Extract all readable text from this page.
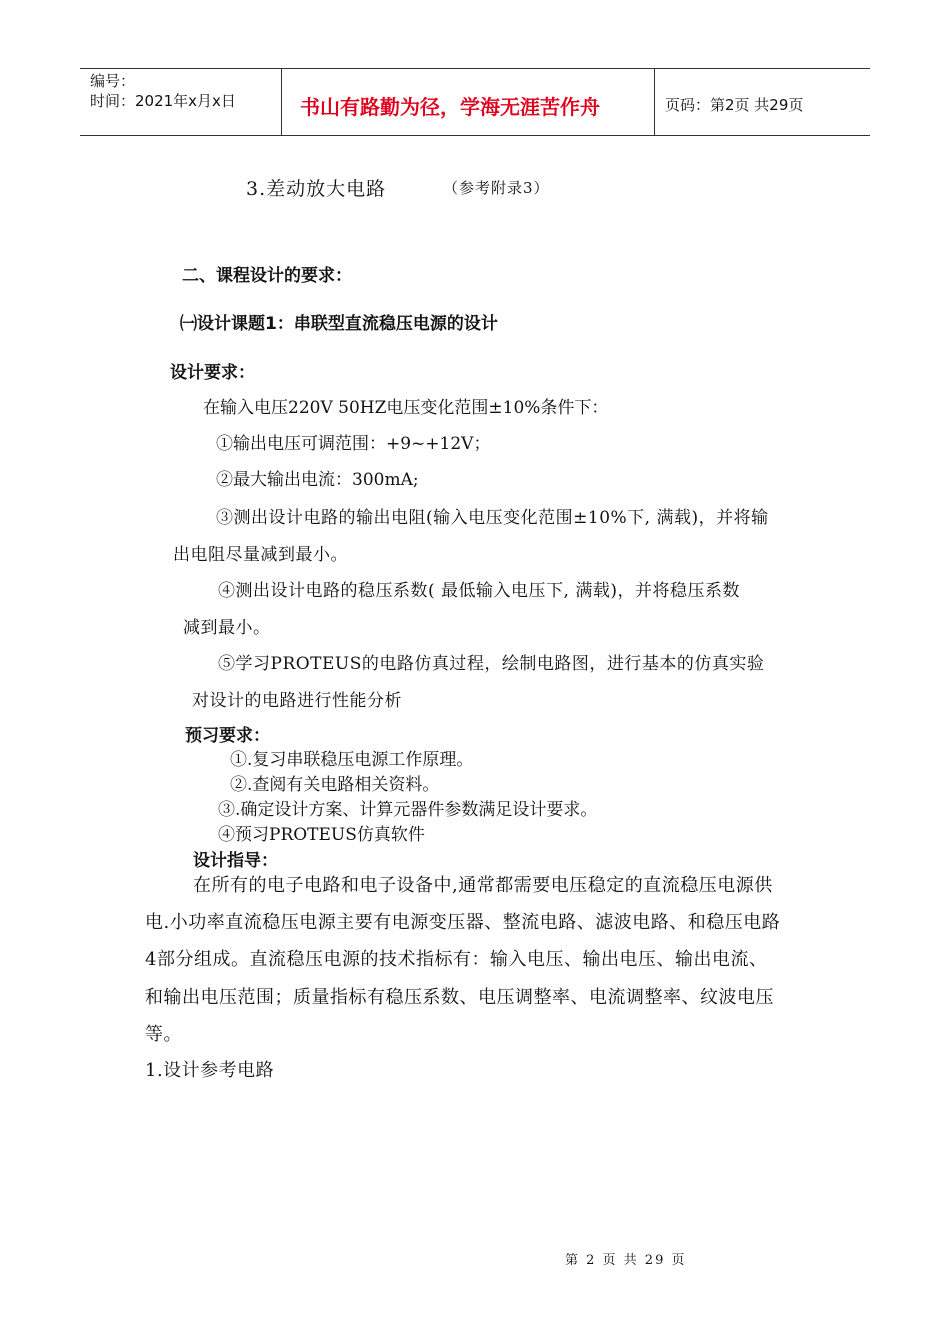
编号：
时间：2021年x月x日	书山有路勤为径，学海无涯苦作舟	页码：第2页 共29页
3.差动放大电路	（参考附录3）
二、课程设计的要求：
㈠设计课题1：串联型直流稳压电源的设计
设计要求：
在输入电压220V 50HZ电压变化范围±10%条件下：
①输出电压可调范围：+9~+12V；
②最大输出电流：300mA;
③测出设计电路的输出电阻(输入电压变化范围±10%下, 满载)，并将输
出电阻尽量减到最小。
④测出设计电路的稳压系数( 最低输入电压下, 满载)，并将稳压系数
减到最小。
⑤学习PROTEUS的电路仿真过程，绘制电路图，进行基本的仿真实验
对设计的电路进行性能分析
预习要求：
①.复习串联稳压电源工作原理。
②.查阅有关电路相关资料。
③.确定设计方案、计算元器件参数满足设计要求。
④预习PROTEUS仿真软件
设计指导：
在所有的电子电路和电子设备中,通常都需要电压稳定的直流稳压电源供
电.小功率直流稳压电源主要有电源变压器、整流电路、滤波电路、和稳压电路
4部分组成。直流稳压电源的技术指标有：输入电压、输出电压、输出电流、
和输出电压范围；质量指标有稳压系数、电压调整率、电流调整率、纹波电压
等。
1.设计参考电路
第 2 页 共 29 页
